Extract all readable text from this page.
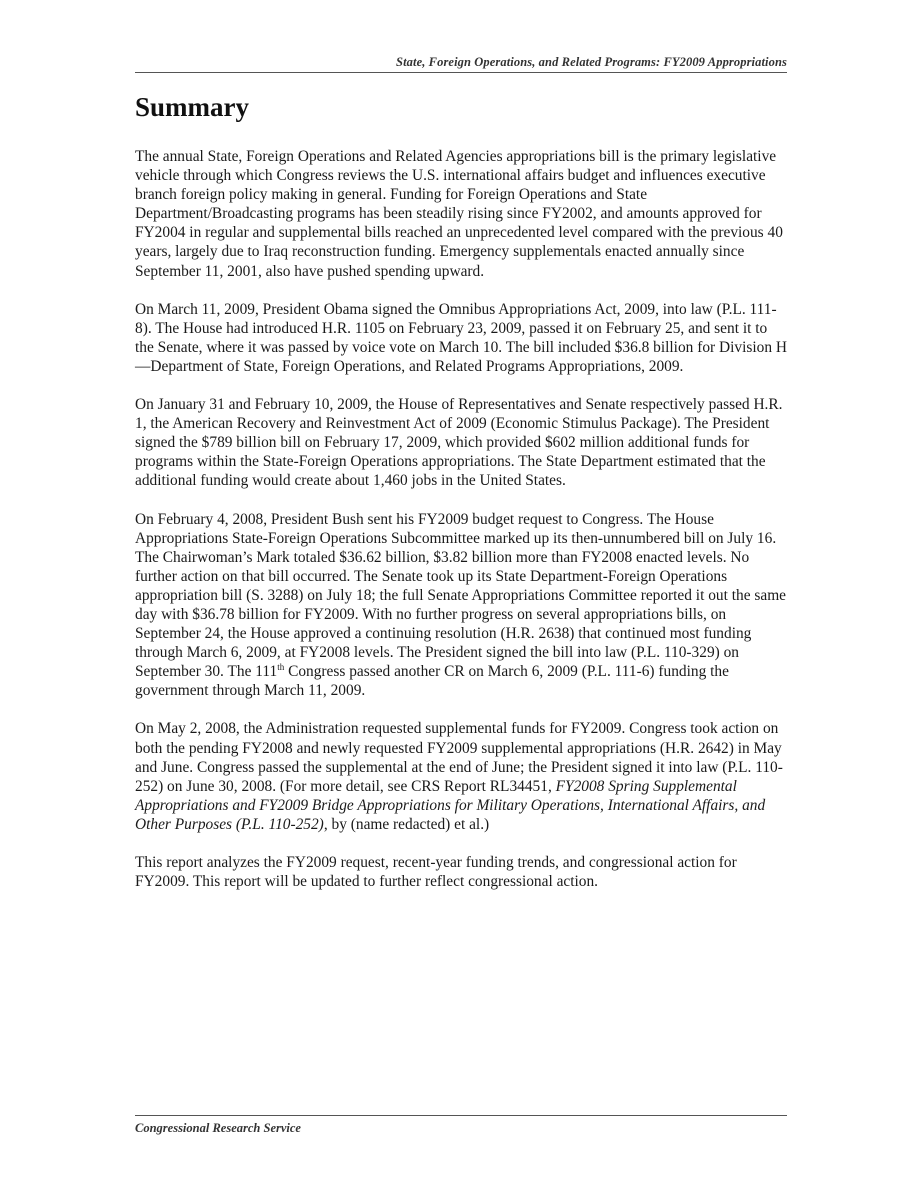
State, Foreign Operations, and Related Programs: FY2009 Appropriations
Summary

The annual State, Foreign Operations and Related Agencies appropriations bill is the primary legislative vehicle through which Congress reviews the U.S. international affairs budget and influences executive branch foreign policy making in general. Funding for Foreign Operations and State Department/Broadcasting programs has been steadily rising since FY2002, and amounts approved for FY2004 in regular and supplemental bills reached an unprecedented level compared with the previous 40 years, largely due to Iraq reconstruction funding. Emergency supplementals enacted annually since September 11, 2001, also have pushed spending upward.

On March 11, 2009, President Obama signed the Omnibus Appropriations Act, 2009, into law (P.L. 111-8). The House had introduced H.R. 1105 on February 23, 2009, passed it on February 25, and sent it to the Senate, where it was passed by voice vote on March 10. The bill included $36.8 billion for Division H—Department of State, Foreign Operations, and Related Programs Appropriations, 2009.

On January 31 and February 10, 2009, the House of Representatives and Senate respectively passed H.R. 1, the American Recovery and Reinvestment Act of 2009 (Economic Stimulus Package). The President signed the $789 billion bill on February 17, 2009, which provided $602 million additional funds for programs within the State-Foreign Operations appropriations. The State Department estimated that the additional funding would create about 1,460 jobs in the United States.

On February 4, 2008, President Bush sent his FY2009 budget request to Congress. The House Appropriations State-Foreign Operations Subcommittee marked up its then-unnumbered bill on July 16. The Chairwoman’s Mark totaled $36.62 billion, $3.82 billion more than FY2008 enacted levels. No further action on that bill occurred. The Senate took up its State Department-Foreign Operations appropriation bill (S. 3288) on July 18; the full Senate Appropriations Committee reported it out the same day with $36.78 billion for FY2009. With no further progress on several appropriations bills, on September 24, the House approved a continuing resolution (H.R. 2638) that continued most funding through March 6, 2009, at FY2008 levels. The President signed the bill into law (P.L. 110-329) on September 30. The 111th Congress passed another CR on March 6, 2009 (P.L. 111-6) funding the government through March 11, 2009.

On May 2, 2008, the Administration requested supplemental funds for FY2009. Congress took action on both the pending FY2008 and newly requested FY2009 supplemental appropriations (H.R. 2642) in May and June. Congress passed the supplemental at the end of June; the President signed it into law (P.L. 110-252) on June 30, 2008. (For more detail, see CRS Report RL34451, FY2008 Spring Supplemental Appropriations and FY2009 Bridge Appropriations for Military Operations, International Affairs, and Other Purposes (P.L. 110-252), by (name redacted) et al.)

This report analyzes the FY2009 request, recent-year funding trends, and congressional action for FY2009. This report will be updated to further reflect congressional action.

Congressional Research Service
